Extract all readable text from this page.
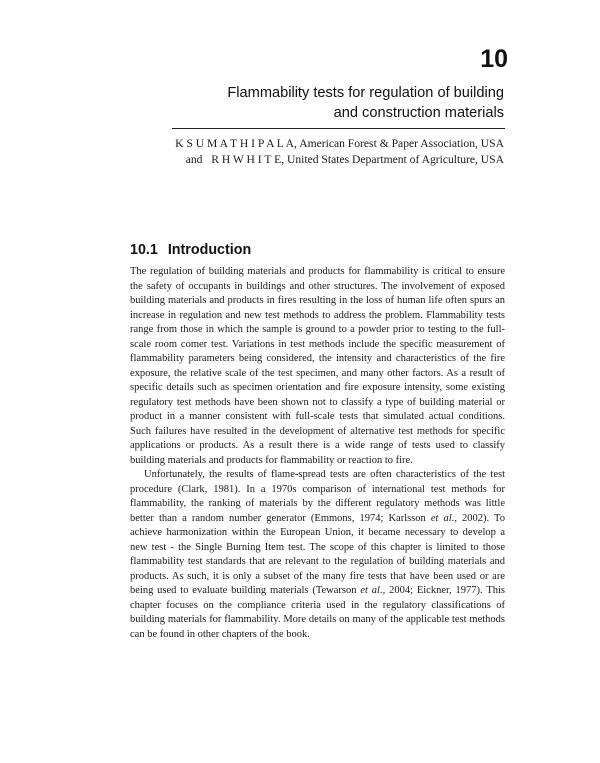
10
Flammability tests for regulation of building
and construction materials
K S U M A T H I P A L A, American Forest & Paper Association, USA
and R H W H I T E, United States Department of Agriculture, USA
10.1 Introduction

The regulation of building materials and products for flammability is critical to ensure the safety of occupants in buildings and other structures. The involvement of exposed building materials and products in fires resulting in the loss of human life often spurs an increase in regulation and new test methods to address the problem. Flammability tests range from those in which the sample is ground to a powder prior to testing to the full-scale room comer test. Variations in test methods include the specific measurement of flammability parameters being considered, the intensity and characteristics of the fire exposure, the relative scale of the test specimen, and many other factors. As a result of specific details such as specimen orientation and fire exposure intensity, some existing regulatory test methods have been shown not to classify a type of building material or product in a manner consistent with full-scale tests that simulated actual conditions. Such failures have resulted in the development of alternative test methods for specific applications or products. As a result there is a wide range of tests used to classify building materials and products for flammability or reaction to fire.

Unfortunately, the results of flame-spread tests are often characteristics of the test procedure (Clark, 1981). In a 1970s comparison of international test methods for flammability, the ranking of materials by the different regulatory methods was little better than a random number generator (Emmons, 1974; Karlsson et al., 2002). To achieve harmonization within the European Union, it became necessary to develop a new test - the Single Burning Item test. The scope of this chapter is limited to those flammability test standards that are relevant to the regulation of building materials and products. As such, it is only a subset of the many fire tests that have been used or are being used to evaluate building materials (Tewarson et al., 2004; Eickner, 1977). This chapter focuses on the compliance criteria used in the regulatory classifications of building materials for flammability. More details on many of the applicable test methods can be found in other chapters of the book.
